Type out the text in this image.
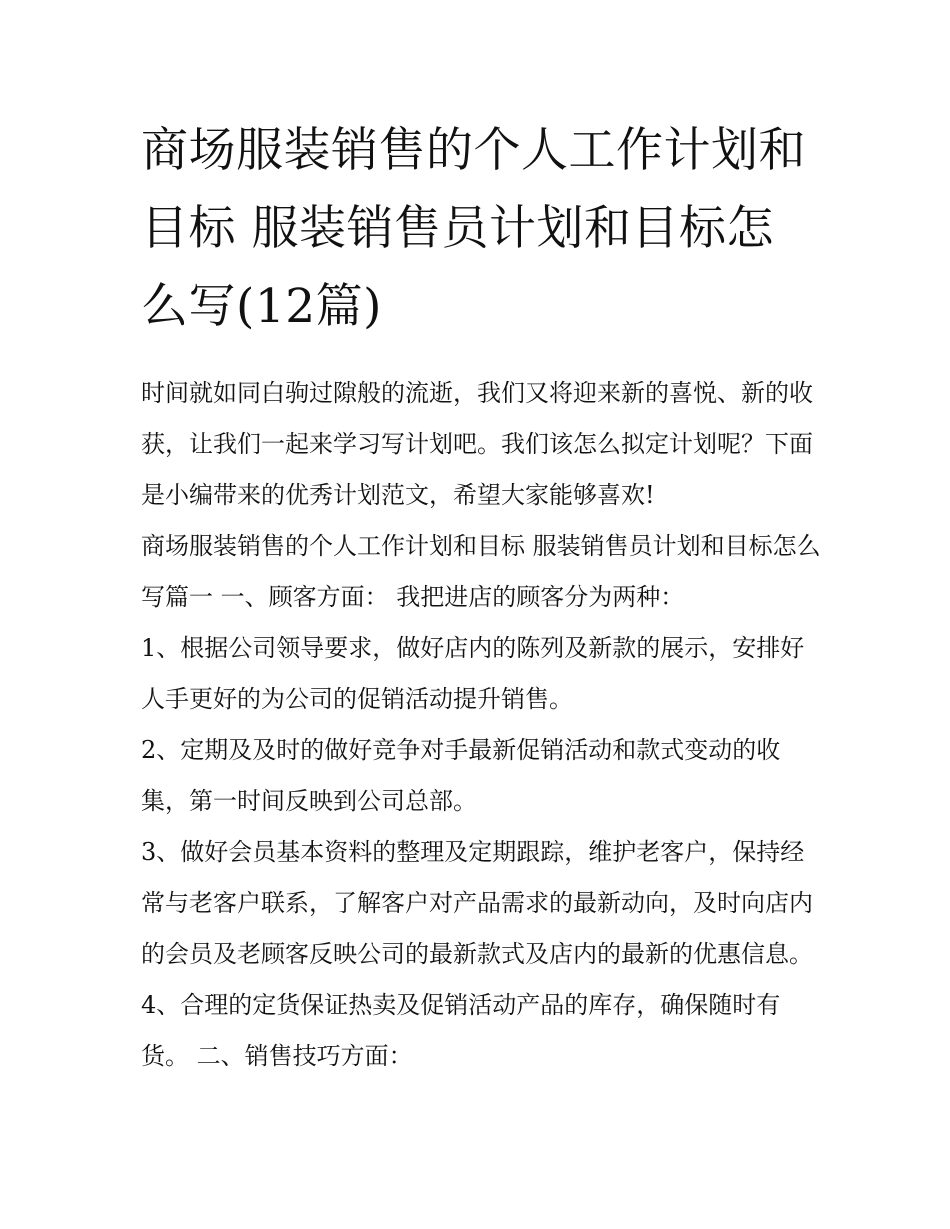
商场服装销售的个人工作计划和目标 服装销售员计划和目标怎么写(12篇)

时间就如同白驹过隙般的流逝，我们又将迎来新的喜悦、新的收获，让我们一起来学习写计划吧。我们该怎么拟定计划呢？下面是小编带来的优秀计划范文，希望大家能够喜欢!

商场服装销售的个人工作计划和目标 服装销售员计划和目标怎么写篇一 一、顾客方面： 我把进店的顾客分为两种：

1、根据公司领导要求，做好店内的陈列及新款的展示，安排好人手更好的为公司的促销活动提升销售。

2、定期及及时的做好竞争对手最新促销活动和款式变动的收集，第一时间反映到公司总部。

3、做好会员基本资料的整理及定期跟踪，维护老客户，保持经常与老客户联系，了解客户对产品需求的最新动向，及时向店内的会员及老顾客反映公司的最新款式及店内的最新的优惠信息。

4、合理的定货保证热卖及促销活动产品的库存，确保随时有货。 二、销售技巧方面：
